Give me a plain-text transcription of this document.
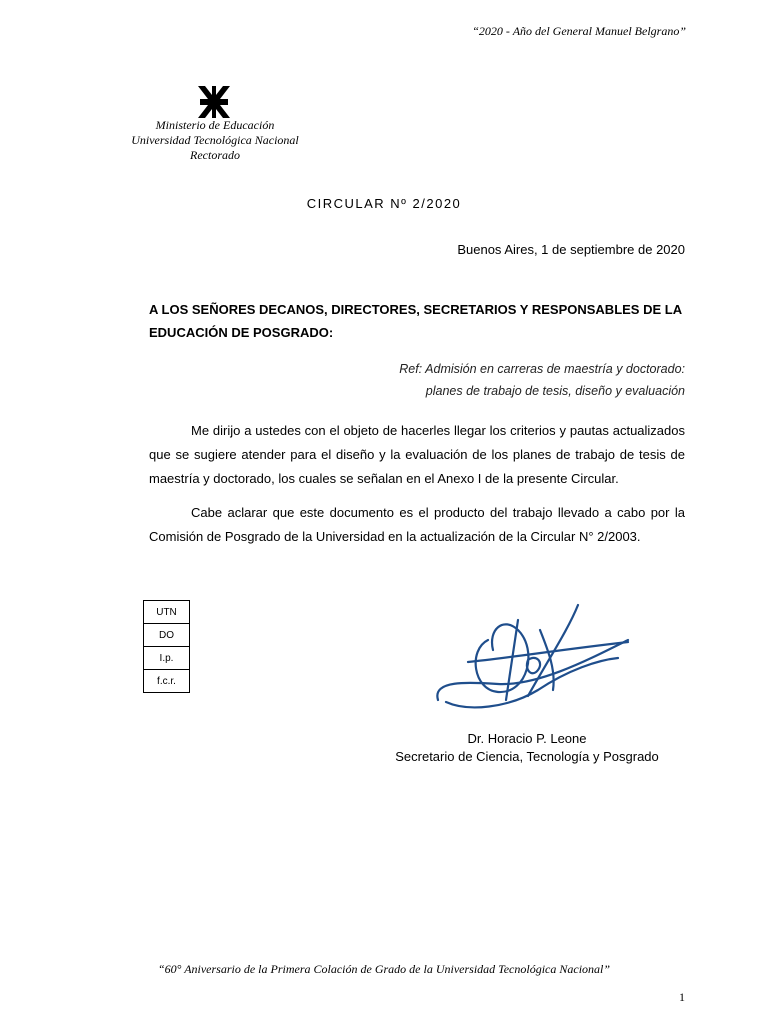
“2020 - Año del General Manuel Belgrano”
Ministerio de Educación
Universidad Tecnológica Nacional
Rectorado
CIRCULAR Nº 2/2020
Buenos Aires, 1 de septiembre de 2020
A LOS SEÑORES DECANOS, DIRECTORES, SECRETARIOS Y RESPONSABLES DE LA EDUCACIÓN DE POSGRADO:
Ref: Admisión en carreras de maestría y doctorado:
planes de trabajo de tesis, diseño y evaluación
Me dirijo a ustedes con el objeto de hacerles llegar los criterios y pautas actualizados que se sugiere atender para el diseño y la evaluación de los planes de trabajo de tesis de maestría y doctorado, los cuales se señalan en el Anexo I de la presente Circular.
Cabe aclarar que este documento es el producto del trabajo llevado a cabo por la Comisión de Posgrado de la Universidad en la actualización de la Circular N° 2/2003.
UTN
DO
I.p.
f.c.r.
Dr. Horacio P. Leone
Secretario de Ciencia, Tecnología y Posgrado
“60° Aniversario de la Primera Colación de Grado de la Universidad Tecnológica Nacional”
1
